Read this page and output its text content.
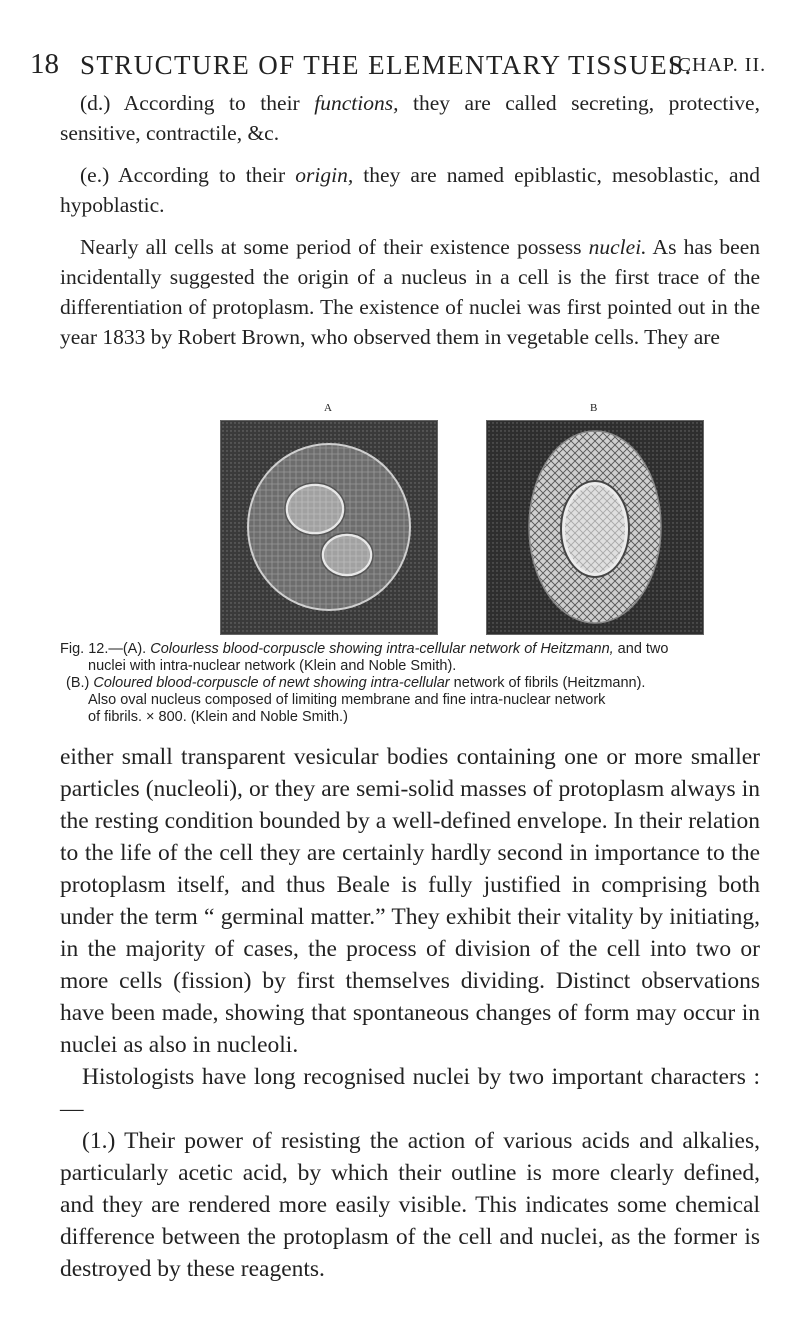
18 STRUCTURE OF THE ELEMENTARY TISSUES.
[CHAP. II.
(d.) According to their functions, they are called secreting, protective, sensitive, contractile, &c.
(e.) According to their origin, they are named epiblastic, mesoblastic, and hypoblastic.
Nearly all cells at some period of their existence possess nuclei. As has been incidentally suggested the origin of a nucleus in a cell is the first trace of the differentiation of protoplasm. The existence of nuclei was first pointed out in the year 1833 by Robert Brown, who observed them in vegetable cells. They are
A	B
Fig. 12.—(A). Colourless blood-corpuscle showing intra-cellular network of Heitzmann, and two
nuclei with intra-nuclear network (Klein and Noble Smith).
(B.) Coloured blood-corpuscle of newt showing intra-cellular network of fibrils (Heitzmann).
Also oval nucleus composed of limiting membrane and fine intra-nuclear network
of fibrils. × 800. (Klein and Noble Smith.)

either small transparent vesicular bodies containing one or more smaller particles (nucleoli), or they are semi-solid masses of protoplasm always in the resting condition bounded by a well-defined envelope. In their relation to the life of the cell they are certainly hardly second in importance to the protoplasm itself, and thus Beale is fully justified in comprising both under the term “ germinal matter.” They exhibit their vitality by initiating, in the majority of cases, the process of division of the cell into two or more cells (fission) by first themselves dividing. Distinct observations have been made, showing that spontaneous changes of form may occur in nuclei as also in nucleoli.

Histologists have long recognised nuclei by two important characters :—

(1.) Their power of resisting the action of various acids and alkalies, particularly acetic acid, by which their outline is more clearly defined, and they are rendered more easily visible. This indicates some chemical difference between the protoplasm of the cell and nuclei, as the former is destroyed by these reagents.
